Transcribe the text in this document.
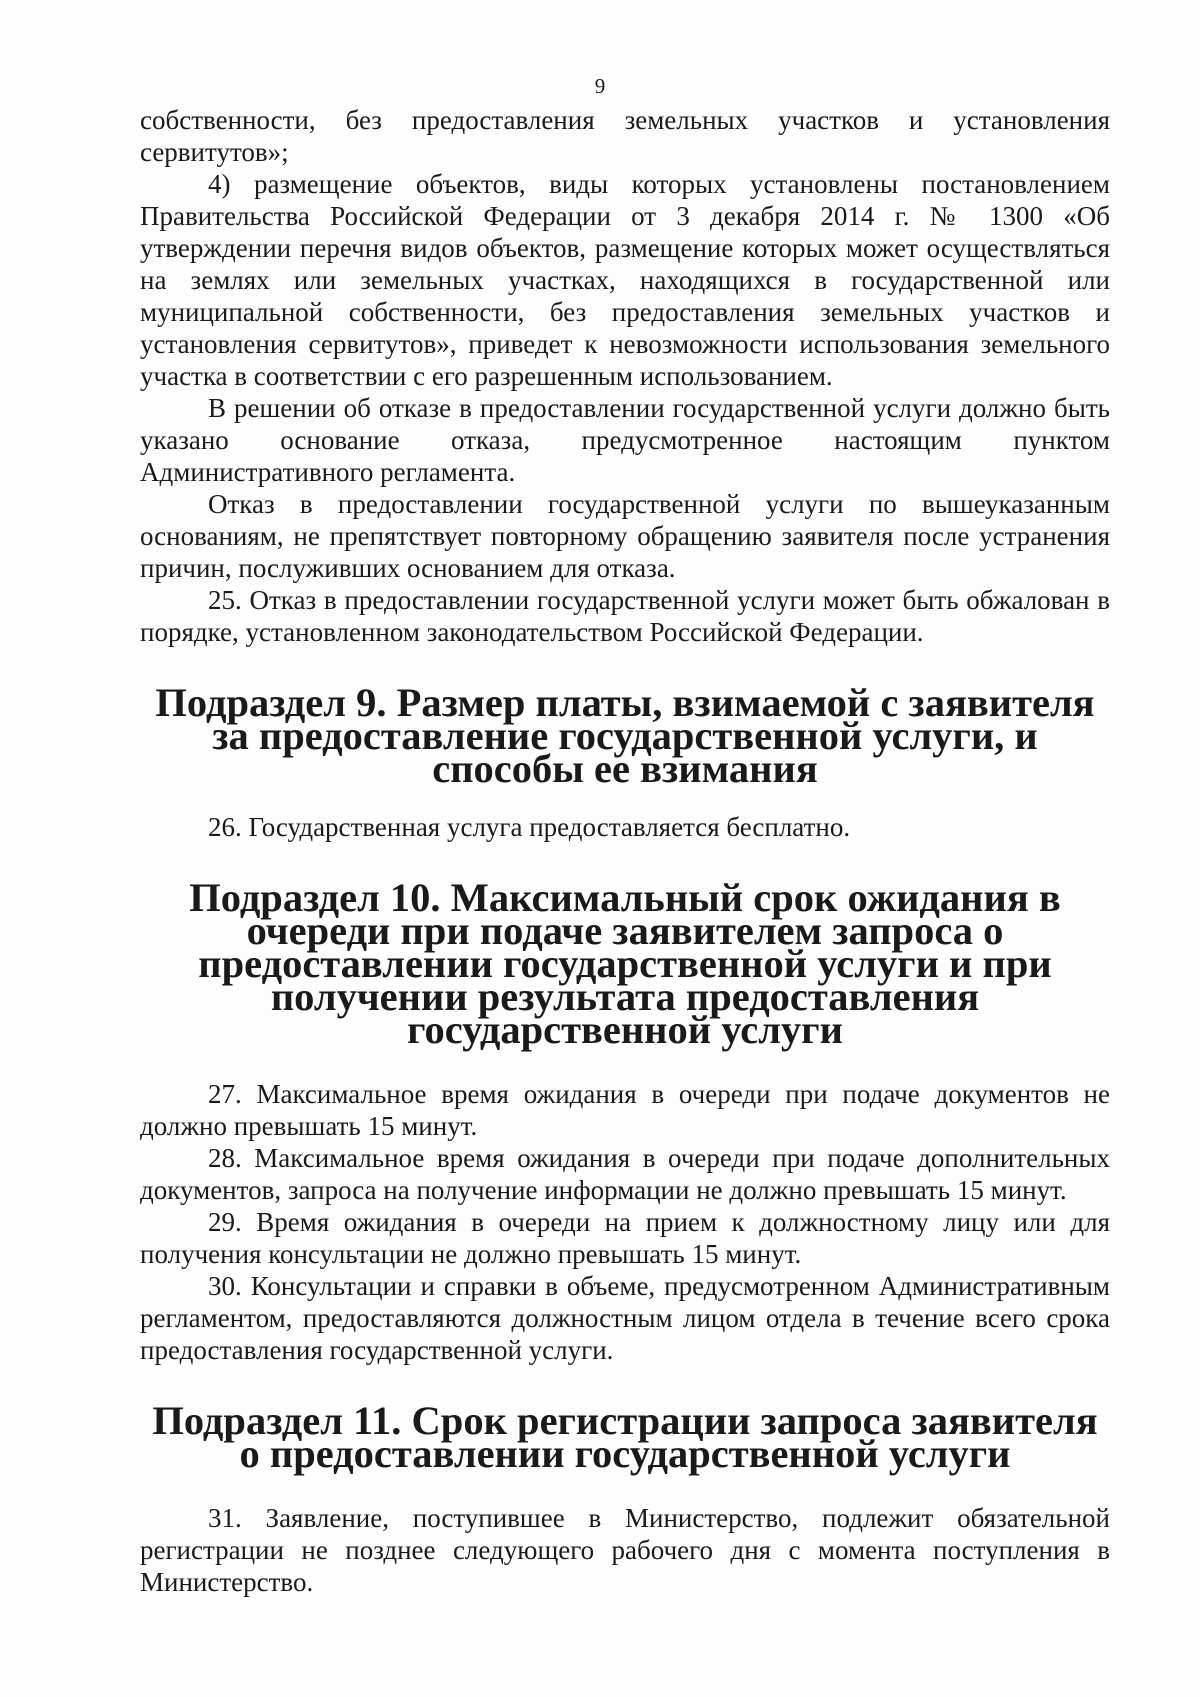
9

собственности, без предоставления земельных участков и установления сервитутов»;

4) размещение объектов, виды которых установлены постановлением Правительства Российской Федерации от 3 декабря 2014 г. № 1300 «Об утверждении перечня видов объектов, размещение которых может осуществляться на землях или земельных участках, находящихся в государственной или муниципальной собственности, без предоставления земельных участков и установления сервитутов», приведет к невозможности использования земельного участка в соответствии с его разрешенным использованием.

В решении об отказе в предоставлении государственной услуги должно быть указано основание отказа, предусмотренное настоящим пунктом Административного регламента.

Отказ в предоставлении государственной услуги по вышеуказанным основаниям, не препятствует повторному обращению заявителя после устранения причин, послуживших основанием для отказа.

25. Отказ в предоставлении государственной услуги может быть обжалован в порядке, установленном законодательством Российской Федерации.

Подраздел 9. Размер платы, взимаемой с заявителя за предоставление государственной услуги, и способы ее взимания

26. Государственная услуга предоставляется бесплатно.

Подраздел 10. Максимальный срок ожидания в очереди при подаче заявителем запроса о предоставлении государственной услуги и при получении результата предоставления государственной услуги

27. Максимальное время ожидания в очереди при подаче документов не должно превышать 15 минут.

28. Максимальное время ожидания в очереди при подаче дополнительных документов, запроса на получение информации не должно превышать 15 минут.

29. Время ожидания в очереди на прием к должностному лицу или для получения консультации не должно превышать 15 минут.

30. Консультации и справки в объеме, предусмотренном Административным регламентом, предоставляются должностным лицом отдела в течение всего срока предоставления государственной услуги.

Подраздел 11. Срок регистрации запроса заявителя о предоставлении государственной услуги

31. Заявление, поступившее в Министерство, подлежит обязательной регистрации не позднее следующего рабочего дня с момента поступления в Министерство.
